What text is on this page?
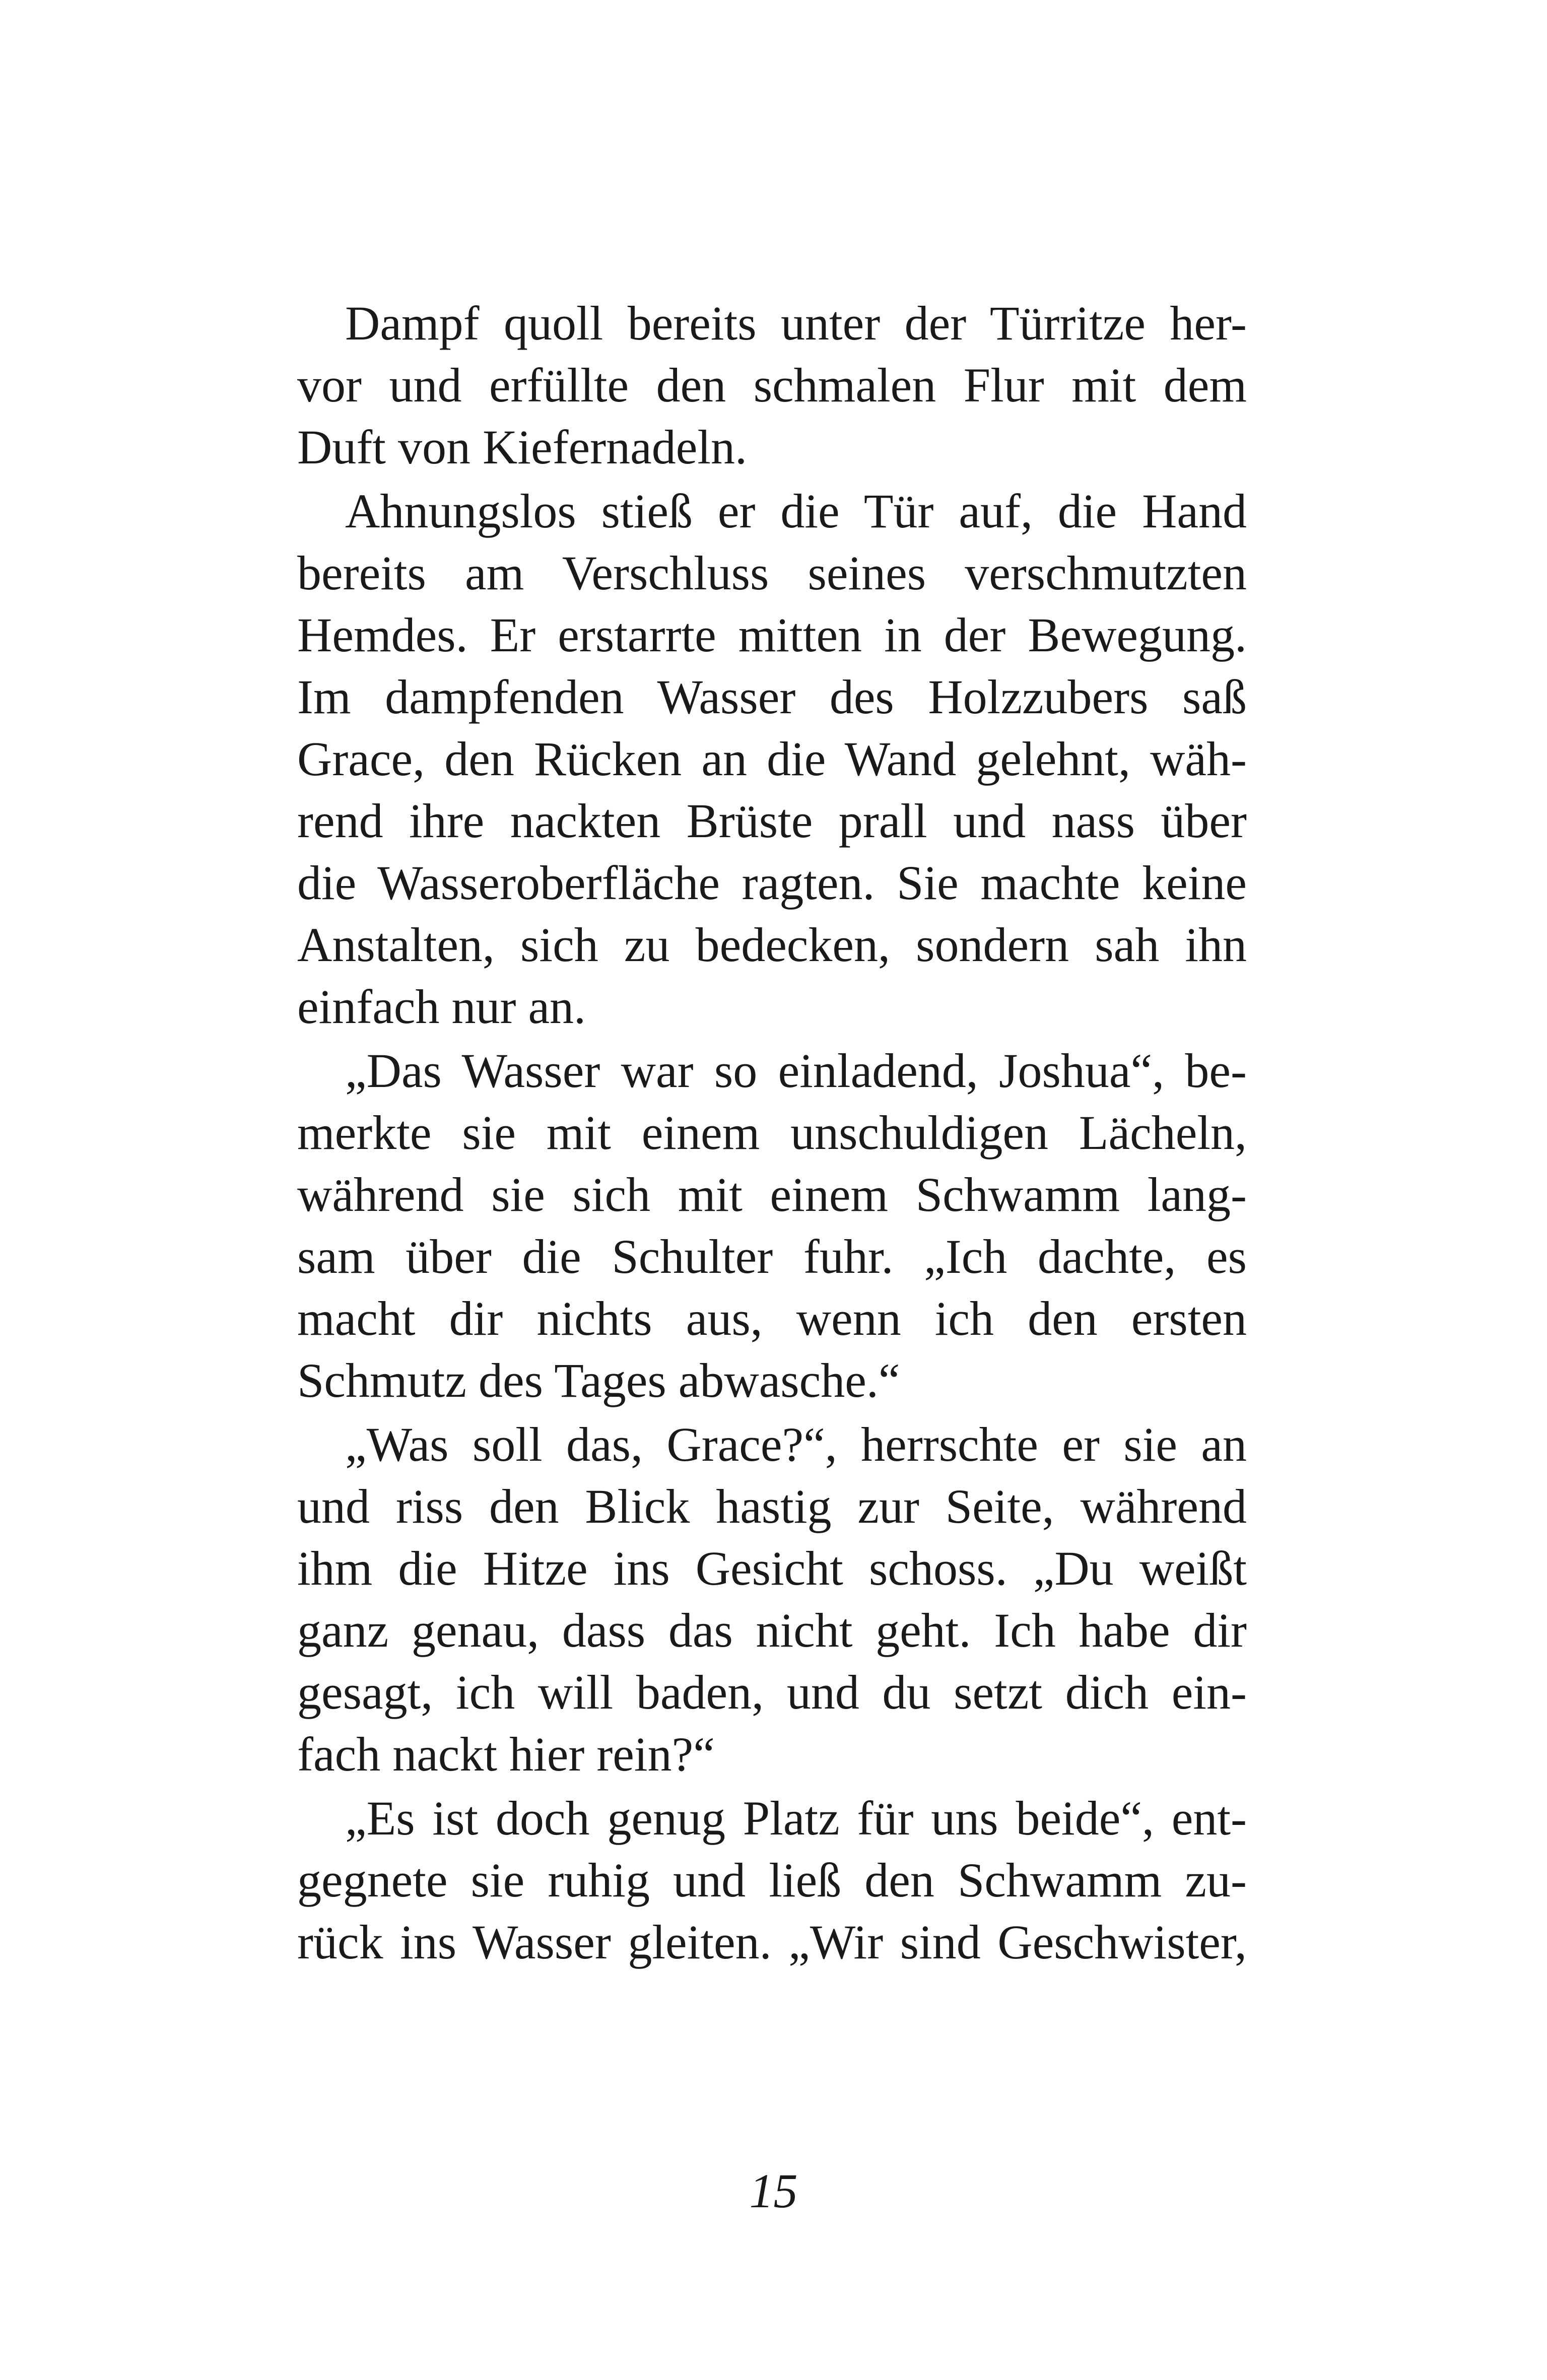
Dampf quoll bereits unter der Türritze her-
vor und erfüllte den schmalen Flur mit dem
Duft von Kiefernadeln.
Ahnungslos stieß er die Tür auf, die Hand
bereits am Verschluss seines verschmutzten
Hemdes. Er erstarrte mitten in der Bewegung.
Im dampfenden Wasser des Holzzubers saß
Grace, den Rücken an die Wand gelehnt, wäh-
rend ihre nackten Brüste prall und nass über
die Wasseroberfläche ragten. Sie machte keine
Anstalten, sich zu bedecken, sondern sah ihn
einfach nur an.
„Das Wasser war so einladend, Joshua“, be-
merkte sie mit einem unschuldigen Lächeln,
während sie sich mit einem Schwamm lang-
sam über die Schulter fuhr. „Ich dachte, es
macht dir nichts aus, wenn ich den ersten
Schmutz des Tages abwasche.“
„Was soll das, Grace?“, herrschte er sie an
und riss den Blick hastig zur Seite, während
ihm die Hitze ins Gesicht schoss. „Du weißt
ganz genau, dass das nicht geht. Ich habe dir
gesagt, ich will baden, und du setzt dich ein-
fach nackt hier rein?“
„Es ist doch genug Platz für uns beide“, ent-
gegnete sie ruhig und ließ den Schwamm zu-
rück ins Wasser gleiten. „Wir sind Geschwister,
15
